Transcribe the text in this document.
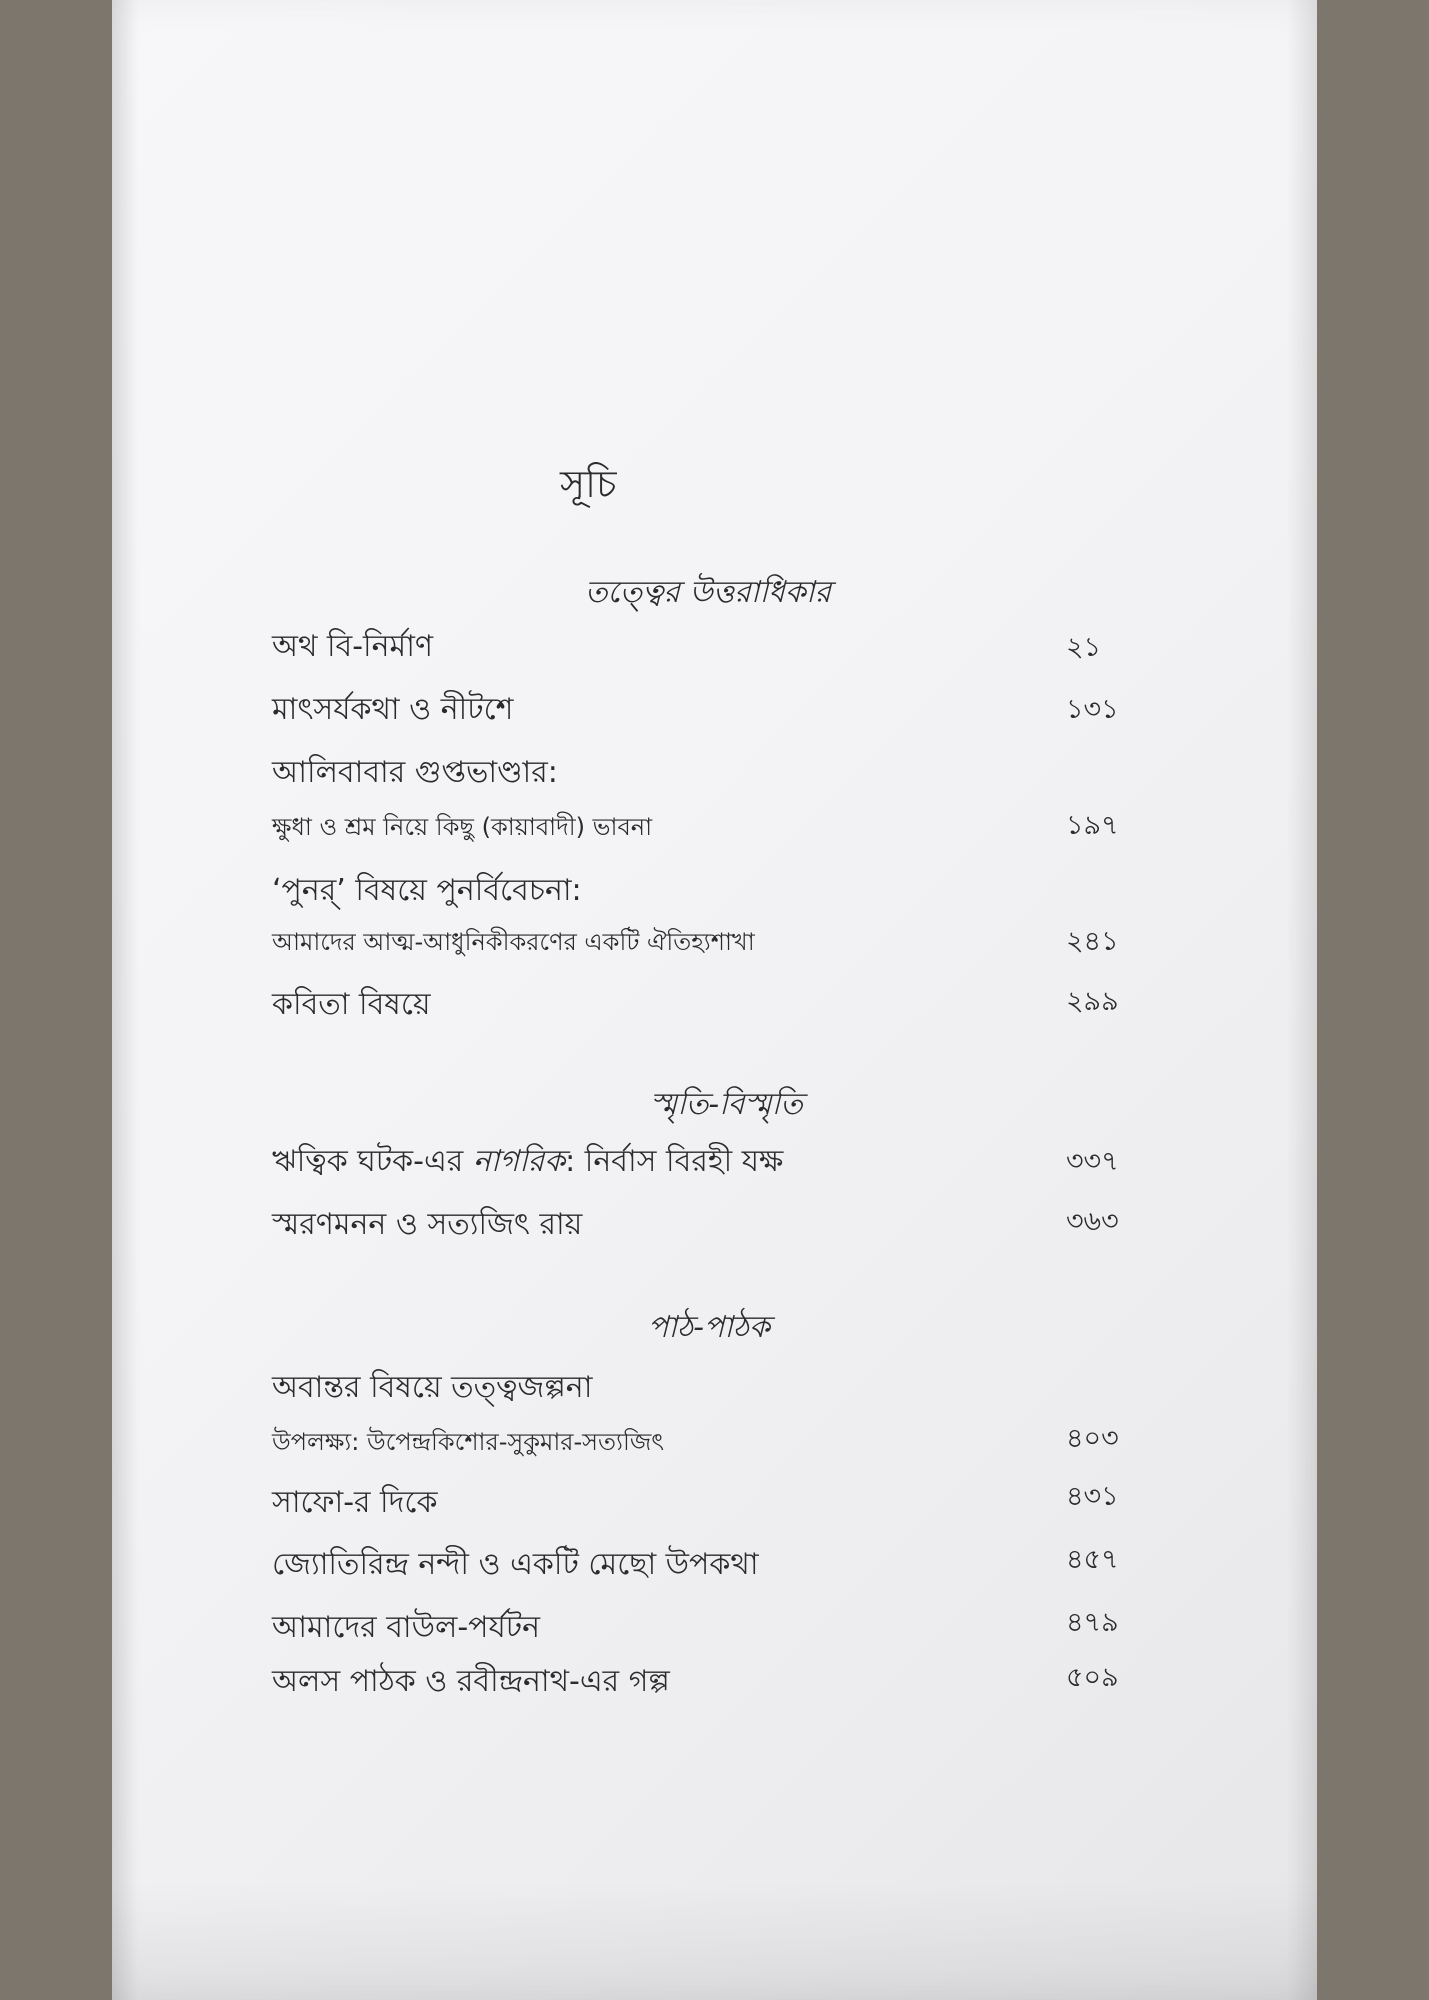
সূচি
তত্ত্বের উত্তরাধিকার
অথ বি-নির্মাণ	২১
মাৎসর্যকথা ও নীটশে	১৩১
আলিবাবার গুপ্তভাণ্ডার:
ক্ষুধা ও শ্রম নিয়ে কিছু (কায়াবাদী) ভাবনা	১৯৭
‘পুনর্’ বিষয়ে পুনর্বিবেচনা:
আমাদের আত্ম-আধুনিকীকরণের একটি ঐতিহ্যশাখা	২৪১
কবিতা বিষয়ে	২৯৯
স্মৃতি-বিস্মৃতি
ঋত্বিক ঘটক-এর নাগরিক: নির্বাস বিরহী যক্ষ	৩৩৭
স্মরণমনন ও সত্যজিৎ রায়	৩৬৩
পাঠ-পাঠক
অবান্তর বিষয়ে তত্ত্বজল্পনা
উপলক্ষ্য: উপেন্দ্রকিশোর-সুকুমার-সত্যজিৎ	৪০৩
সাফো-র দিকে	৪৩১
জ্যোতিরিন্দ্র নন্দী ও একটি মেছো উপকথা	৪৫৭
আমাদের বাউল-পর্যটন	৪৭৯
অলস পাঠক ও রবীন্দ্রনাথ-এর গল্প	৫০৯
